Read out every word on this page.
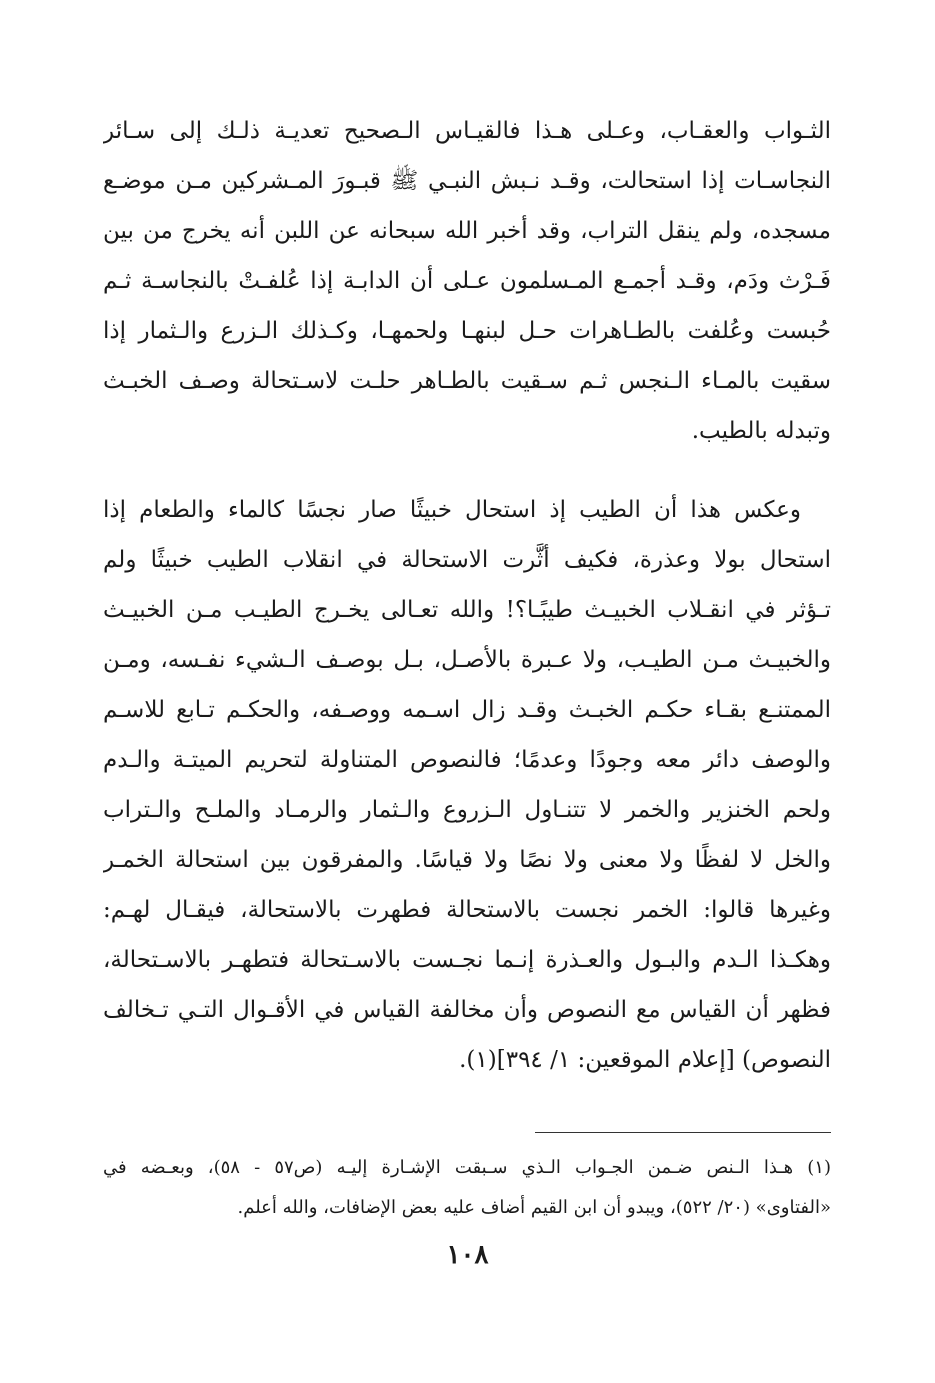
الثـواب والعقـاب، وعـلى هـذا فالقيـاس الـصحيح تعديـة ذلـك إلى سـائر
النجاسـات إذا استحالت، وقـد نـبش النبـي ﷺ قبـورَ المـشركين مـن موضـع
مسجده، ولم ينقل التراب، وقد أخبر الله سبحانه عن اللبن أنه يخرج من بين
فَـرْث ودَم، وقـد أجمـع المـسلمون عـلى أن الدابـة إذا عُلفـتْ بالنجاسـة ثـم
حُبست وعُلفت بالطـاهرات حـل لبنهـا ولحمهـا، وكـذلك الـزرع والـثمار إذا
سقيت بالمـاء الـنجس ثـم سـقيت بالطـاهر حلـت لاسـتحالة وصـف الخبـث
وتبدله بالطيب.
وعكس هذا أن الطيب إذ استحال خبيثًا صار نجسًا كالماء والطعام إذا
استحال بولا وعذرة، فكيف أثَّرت الاستحالة في انقلاب الطيب خبيثًا ولم
تـؤثر في انقـلاب الخبيـث طيبًـا؟! والله تعـالى يخـرج الطيـب مـن الخبيـث
والخبيـث مـن الطيـب، ولا عـبرة بالأصـل، بـل بوصـف الـشيء نفـسه، ومـن
الممتنـع بقـاء حكـم الخبـث وقـد زال اسـمه ووصـفه، والحكـم تـابع للاسـم
والوصف دائر معه وجودًا وعدمًا؛ فالنصوص المتناولة لتحريم الميتـة والـدم
ولحم الخنزير والخمر لا تتنـاول الـزروع والـثمار والرمـاد والملـح والـتراب
والخل لا لفظًا ولا معنى ولا نصًا ولا قياسًا. والمفرقون بين استحالة الخمـر
وغيرها قالوا: الخمر نجست بالاستحالة فطهرت بالاستحالة، فيقـال لهـم:
وهكـذا الـدم والبـول والعـذرة إنـما نجـست بالاسـتحالة فتطهـر بالاسـتحالة،
فظهر أن القياس مع النصوص وأن مخالفة القياس في الأقـوال التـي تـخالف
النصوص) [إعلام الموقعين: ١/ ٣٩٤](١).
(١) هـذا الـنص ضـمن الجـواب الـذي سـبقت الإشـارة إليـه (ص٥٧ - ٥٨)، وبعـضه في
«الفتاوى» (٢٠/ ٥٢٢)، ويبدو أن ابن القيم أضاف عليه بعض الإضافات، والله أعلم.
١٠٨
